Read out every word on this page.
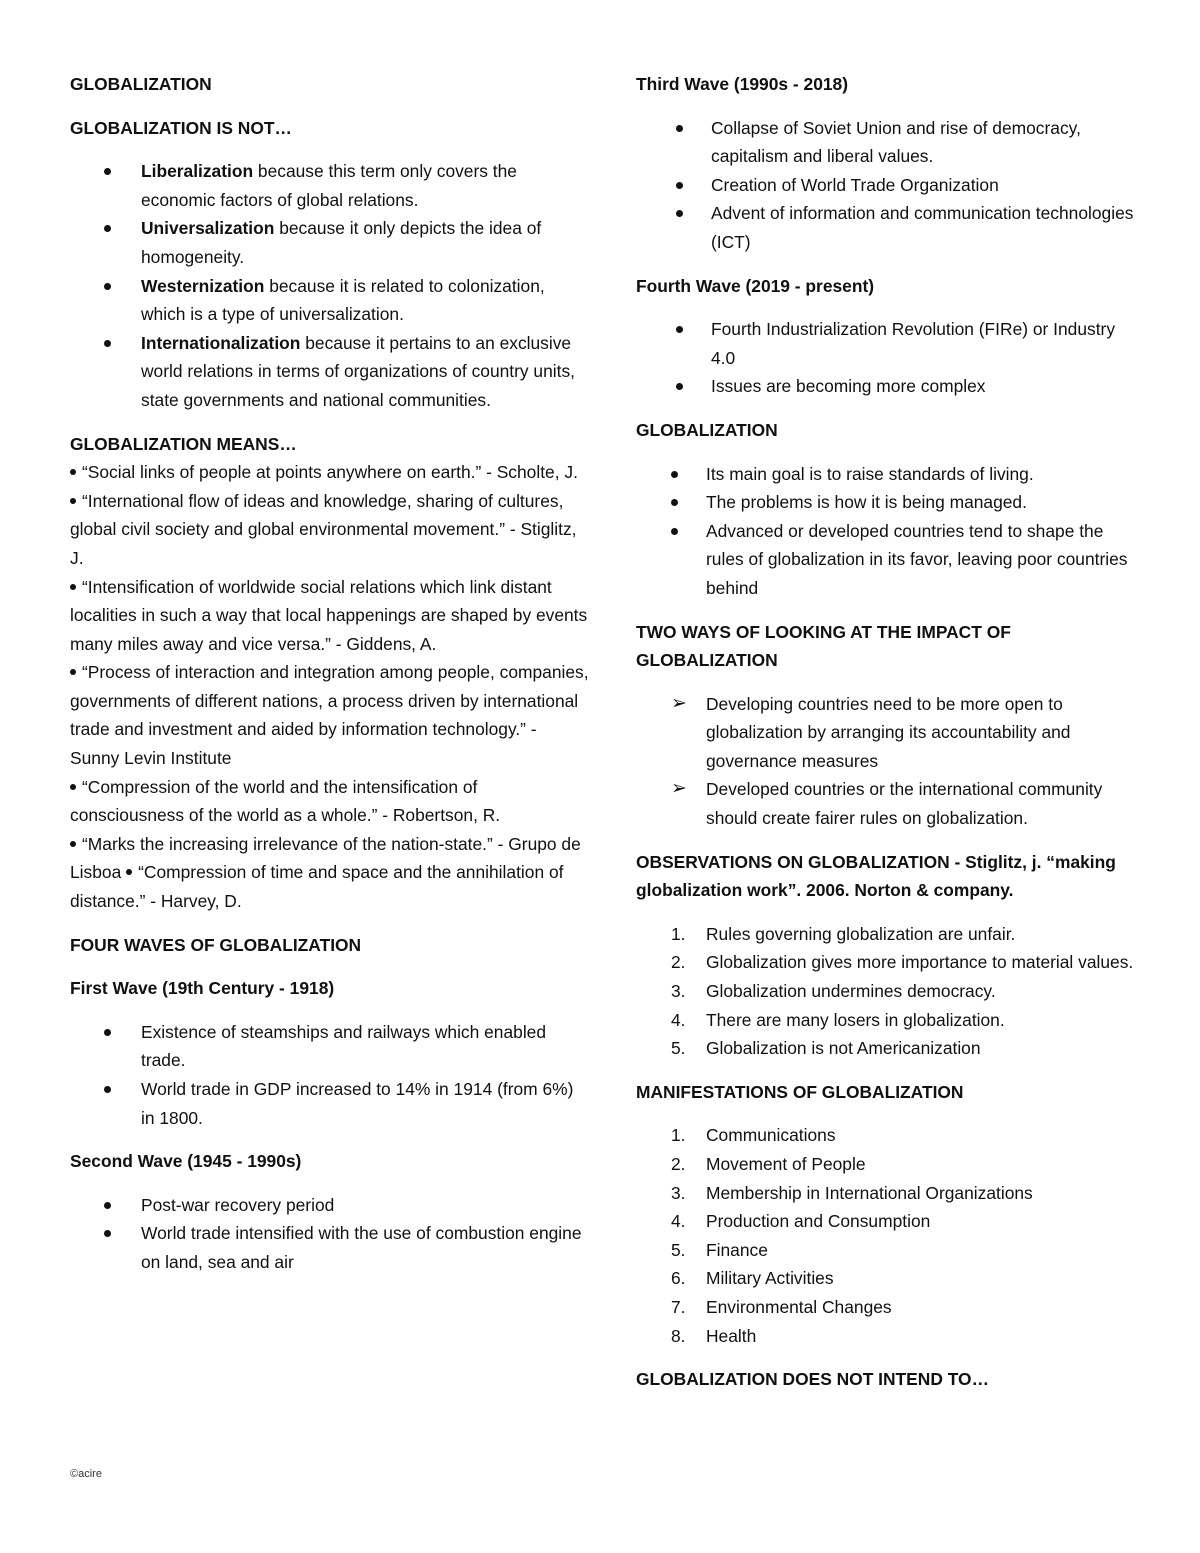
GLOBALIZATION
GLOBALIZATION IS NOT…
Liberalization because this term only covers the economic factors of global relations.
Universalization because it only depicts the idea of homogeneity.
Westernization because it is related to colonization, which is a type of universalization.
Internationalization because it pertains to an exclusive world relations in terms of organizations of country units, state governments and national communities.
GLOBALIZATION MEANS…

“Social links of people at points anywhere on earth.” - Scholte, J.

“International flow of ideas and knowledge, sharing of cultures, global civil society and global environmental movement.” - Stiglitz, J.

“Intensification of worldwide social relations which link distant localities in such a way that local happenings are shaped by events many miles away and vice versa.” - Giddens, A.

“Process of interaction and integration among people, companies, governments of different nations, a process driven by international trade and investment and aided by information technology.” - Sunny Levin Institute

“Compression of the world and the intensification of consciousness of the world as a whole.” - Robertson, R.

“Marks the increasing irrelevance of the nation-state.” - Grupo de Lisboa “Compression of time and space and the annihilation of distance.” - Harvey, D.

FOUR WAVES OF GLOBALIZATION
First Wave (19th Century - 1918)
Existence of steamships and railways which enabled trade.
World trade in GDP increased to 14% in 1914 (from 6%) in 1800.
Second Wave (1945 - 1990s)
Post-war recovery period
World trade intensified with the use of combustion engine on land, sea and air
Third Wave (1990s - 2018)
Collapse of Soviet Union and rise of democracy, capitalism and liberal values.
Creation of World Trade Organization
Advent of information and communication technologies (ICT)
Fourth Wave (2019 - present)
Fourth Industrialization Revolution (FIRe) or Industry 4.0
Issues are becoming more complex
GLOBALIZATION
Its main goal is to raise standards of living.
The problems is how it is being managed.
Advanced or developed countries tend to shape the rules of globalization in its favor, leaving poor countries behind
TWO WAYS OF LOOKING AT THE IMPACT OF GLOBALIZATION
➢ Developing countries need to be more open to globalization by arranging its accountability and governance measures
➢ Developed countries or the international community should create fairer rules on globalization.
OBSERVATIONS ON GLOBALIZATION - Stiglitz, j. “making globalization work”. 2006. Norton & company.
1. Rules governing globalization are unfair.
2. Globalization gives more importance to material values.
3. Globalization undermines democracy.
4. There are many losers in globalization.
5. Globalization is not Americanization
MANIFESTATIONS OF GLOBALIZATION
1. Communications
2. Movement of People
3. Membership in International Organizations
4. Production and Consumption
5. Finance
6. Military Activities
7. Environmental Changes
8. Health
GLOBALIZATION DOES NOT INTEND TO…
©acire
